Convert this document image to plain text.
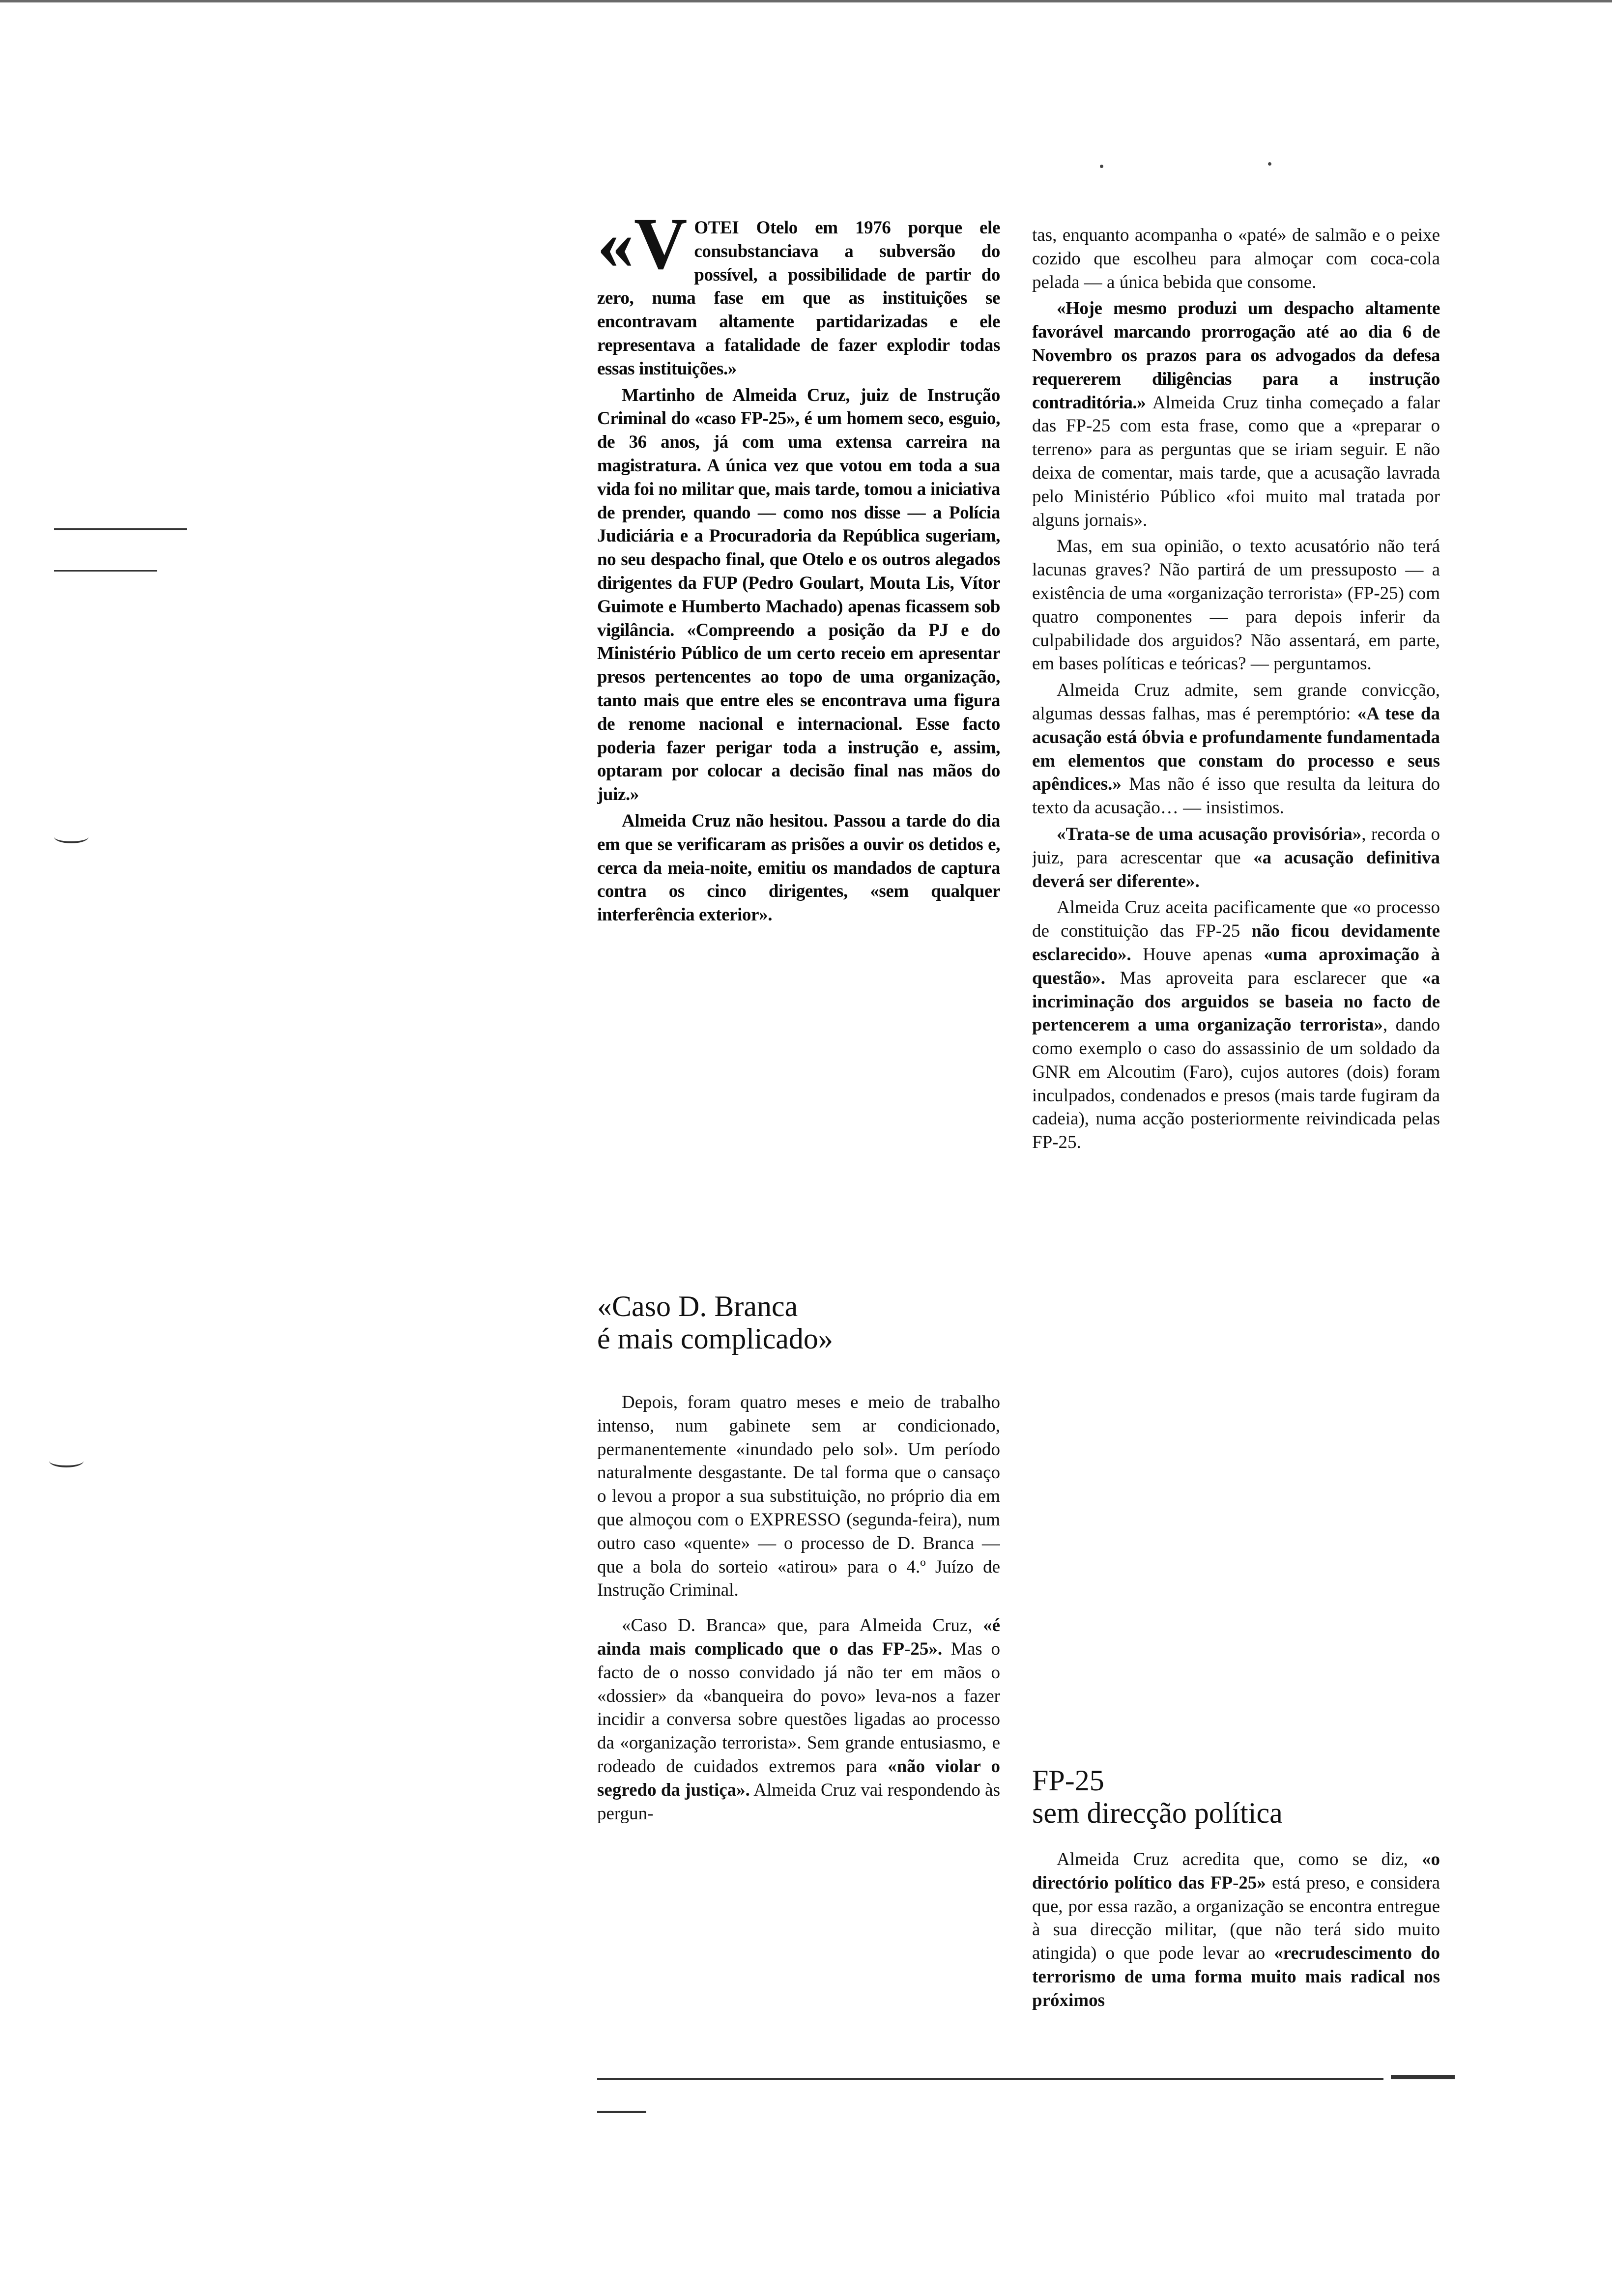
«VOTEI Otelo em 1976 porque ele consubstanciava a subversão do possível, a possibilidade de partir do zero, numa fase em que as instituições se encontravam altamente partidarizadas e ele representava a fatalidade de fazer explodir todas essas instituições.»

Martinho de Almeida Cruz, juiz de Instrução Criminal do «caso FP-25», é um homem seco, esguio, de 36 anos, já com uma extensa carreira na magistratura. A única vez que votou em toda a sua vida foi no militar que, mais tarde, tomou a iniciativa de prender, quando — como nos disse — a Polícia Judiciária e a Procuradoria da República sugeriam, no seu despacho final, que Otelo e os outros alegados dirigentes da FUP (Pedro Goulart, Mouta Lis, Vítor Guimote e Humberto Machado) apenas ficassem sob vigilância. «Compreendo a posição da PJ e do Ministério Público de um certo receio em apresentar presos pertencentes ao topo de uma organização, tanto mais que entre eles se encontrava uma figura de renome nacional e internacional. Esse facto poderia fazer perigar toda a instrução e, assim, optaram por colocar a decisão final nas mãos do juiz.»

Almeida Cruz não hesitou. Passou a tarde do dia em que se verificaram as prisões a ouvir os detidos e, cerca da meia-noite, emitiu os mandados de captura contra os cinco dirigentes, «sem qualquer interferência exterior».

«Caso D. Branca
é mais complicado»

Depois, foram quatro meses e meio de trabalho intenso, num gabinete sem ar condicionado, permanentemente «inundado pelo sol». Um período naturalmente desgastante. De tal forma que o cansaço o levou a propor a sua substituição, no próprio dia em que almoçou com o EXPRESSO (segunda-feira), num outro caso «quente» — o processo de D. Branca — que a bola do sorteio «atirou» para o 4.º Juízo de Instrução Criminal.

«Caso D. Branca» que, para Almeida Cruz, «é ainda mais complicado que o das FP-25». Mas o facto de o nosso convidado já não ter em mãos o «dossier» da «banqueira do povo» leva-nos a fazer incidir a conversa sobre questões ligadas ao processo da «organização terrorista». Sem grande entusiasmo, e rodeado de cuidados extremos para «não violar o segredo da justiça». Almeida Cruz vai respondendo às pergun-

tas, enquanto acompanha o «paté» de salmão e o peixe cozido que escolheu para almoçar com coca-cola pelada — a única bebida que consome.

«Hoje mesmo produzi um despacho altamente favorável marcando prorrogação até ao dia 6 de Novembro os prazos para os advogados da defesa requererem diligências para a instrução contraditória.» Almeida Cruz tinha começado a falar das FP-25 com esta frase, como que a «preparar o terreno» para as perguntas que se iriam seguir. E não deixa de comentar, mais tarde, que a acusação lavrada pelo Ministério Público «foi muito mal tratada por alguns jornais».

Mas, em sua opinião, o texto acusatório não terá lacunas graves? Não partirá de um pressuposto — a existência de uma «organização terrorista» (FP-25) com quatro componentes — para depois inferir da culpabilidade dos arguidos? Não assentará, em parte, em bases políticas e teóricas? — perguntamos.

Almeida Cruz admite, sem grande convicção, algumas dessas falhas, mas é peremptório: «A tese da acusação está óbvia e profundamente fundamentada em elementos que constam do processo e seus apêndices.» Mas não é isso que resulta da leitura do texto da acusação… — insistimos.

«Trata-se de uma acusação provisória», recorda o juiz, para acrescentar que «a acusação definitiva deverá ser diferente».

Almeida Cruz aceita pacificamente que «o processo de constituição das FP-25 não ficou devidamente esclarecido». Houve apenas «uma aproximação à questão». Mas aproveita para esclarecer que «a incriminação dos arguidos se baseia no facto de pertencerem a uma organização terrorista», dando como exemplo o caso do assassinio de um soldado da GNR em Alcoutim (Faro), cujos autores (dois) foram inculpados, condenados e presos (mais tarde fugiram da cadeia), numa acção posteriormente reivindicada pelas FP-25.

FP-25
sem direcção política

Almeida Cruz acredita que, como se diz, «o directório político das FP-25» está preso, e considera que, por essa razão, a organização se encontra entregue à sua direcção militar, (que não terá sido muito atingida) o que pode levar ao «recrudescimento do terrorismo de uma forma muito mais radical nos próximos
